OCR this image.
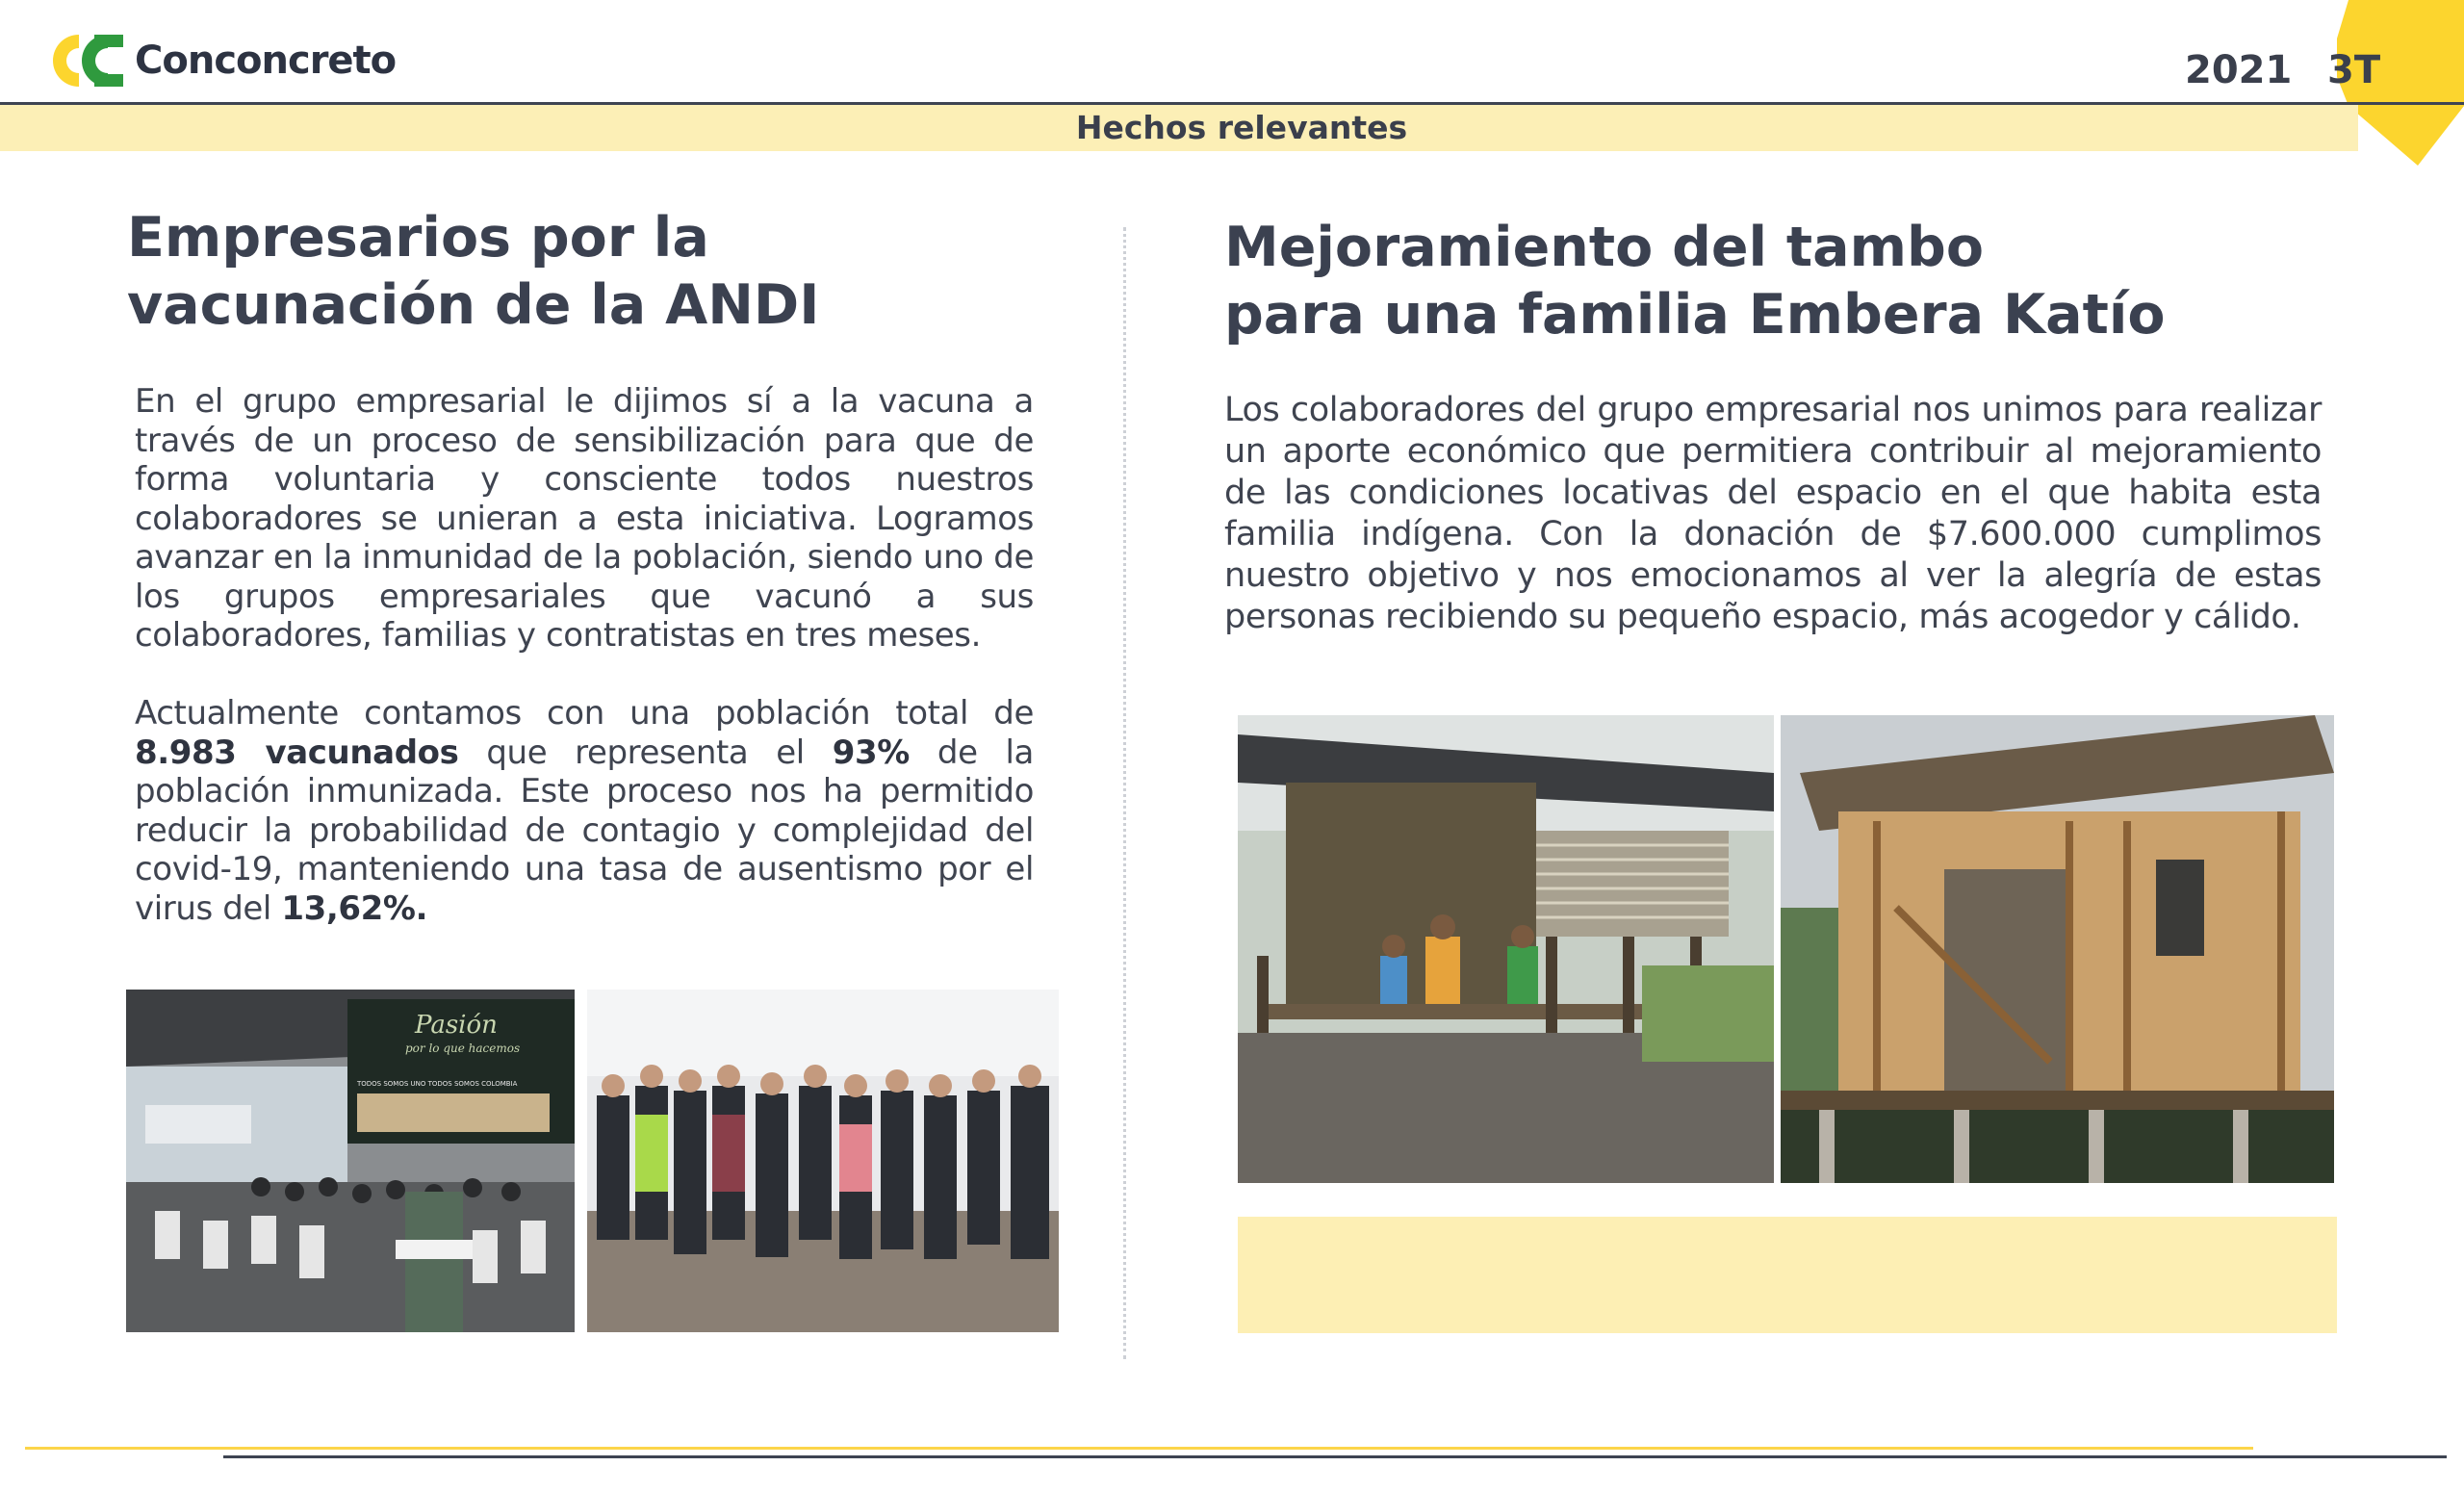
Conconcreto	2021 3T
Hechos relevantes
Empresarios por la vacunación de la ANDI
En el grupo empresarial le dijimos sí a la vacuna a través de un proceso de sensibilización para que de forma voluntaria y consciente todos nuestros colaboradores se unieran a esta iniciativa. Logramos avanzar en la inmunidad de la población, siendo uno de los grupos empresariales que vacunó a sus colaboradores, familias y contratistas en tres meses.
Actualmente contamos con una población total de 8.983 vacunados que representa el 93% de la población inmunizada. Este proceso nos ha permitido reducir la probabilidad de contagio y complejidad del covid-19, manteniendo una tasa de ausentismo por el virus del 13,62%.
Pasión
por lo que hacemos
TODOS SOMOS UNO TODOS SOMOS COLOMBIA
Mejoramiento del tambo
para una familia Embera Katío
Los colaboradores del grupo empresarial nos unimos para realizar un aporte económico que permitiera contribuir al mejoramiento de las condiciones locativas del espacio en el que habita esta familia indígena. Con la donación de $7.600.000 cumplimos nuestro objetivo y nos emocionamos al ver la alegría de estas personas recibiendo su pequeño espacio, más acogedor y cálido.
